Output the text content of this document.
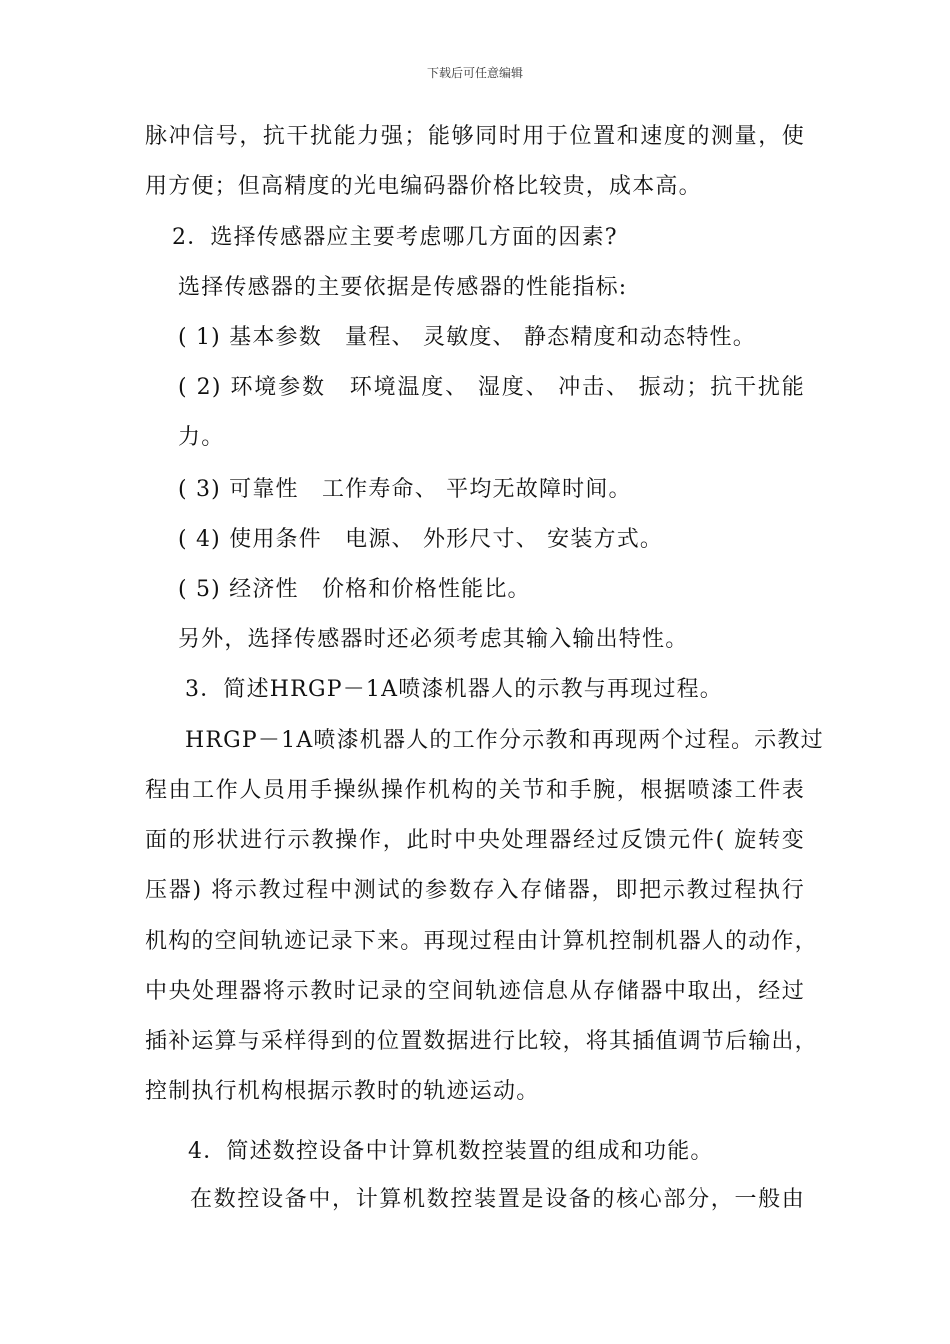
下载后可任意编辑
脉冲信号，抗干扰能力强；能够同时用于位置和速度的测量，使
用方便；但高精度的光电编码器价格比较贵，成本高。
2．选择传感器应主要考虑哪几方面的因素?
选择传感器的主要依据是传感器的性能指标:
( 1) 基本参数　量程、 灵敏度、 静态精度和动态特性。
( 2) 环境参数　环境温度、 湿度、 冲击、 振动；抗干扰能
力。
( 3) 可靠性　工作寿命、 平均无故障时间。
( 4) 使用条件　电源、 外形尺寸、 安装方式。
( 5) 经济性　价格和价格性能比。
另外，选择传感器时还必须考虑其输入输出特性。
3．简述HRGP－1A喷漆机器人的示教与再现过程。
HRGP－1A喷漆机器人的工作分示教和再现两个过程。示教过
程由工作人员用手操纵操作机构的关节和手腕，根据喷漆工件表
面的形状进行示教操作，此时中央处理器经过反馈元件( 旋转变
压器) 将示教过程中测试的参数存入存储器，即把示教过程执行
机构的空间轨迹记录下来。再现过程由计算机控制机器人的动作，
中央处理器将示教时记录的空间轨迹信息从存储器中取出，经过
插补运算与采样得到的位置数据进行比较，将其插值调节后输出，
控制执行机构根据示教时的轨迹运动。
4．简述数控设备中计算机数控装置的组成和功能。
在数控设备中，计算机数控装置是设备的核心部分，一般由
